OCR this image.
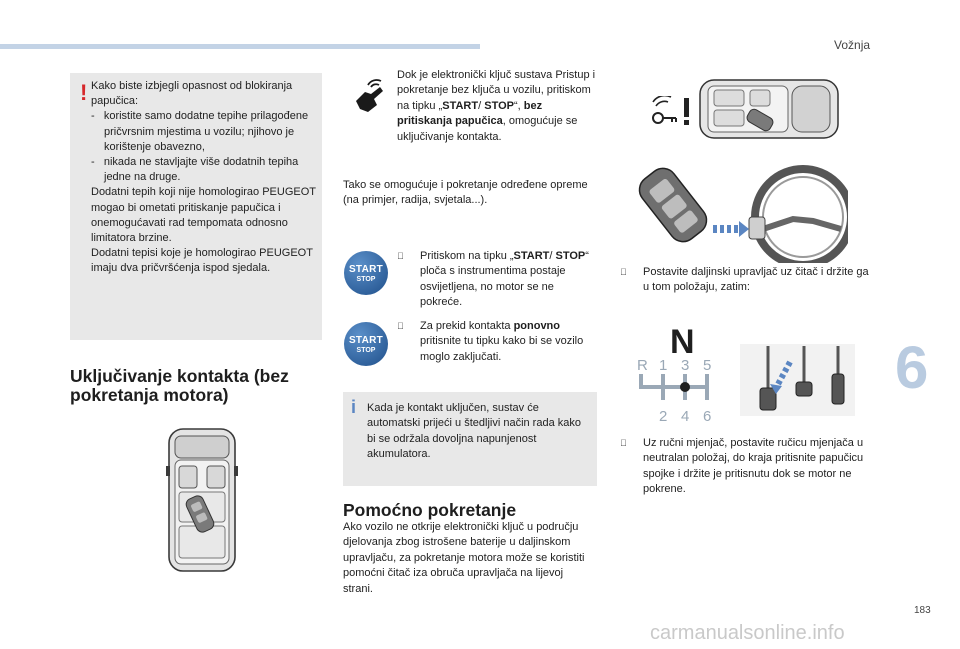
Vožnja
183
6
carmanualsonline.info
! Kako biste izbjegli opasnost od blokiranja papučica:

-   koristite samo dodatne tepihe prilagođene pričvrsnim mjestima u vozilu; njihovo je korištenje obavezno,

-   nikada ne stavljajte više dodatnih tepiha jedne na druge.

Dodatni tepih koji nije homologirao PEUGEOT mogao bi ometati pritiskanje papučica i onemogućavati rad tempomata odnosno limitatora brzine.

Dodatni tepisi koje je homologirao PEUGEOT imaju dva pričvršćenja ispod sjedala.

Uključivanje kontakta (bez pokretanja motora)
Dok je elektronički ključ sustava Pristup i pokretanje bez ključa u vozilu, pritiskom na tipku „START/ STOP“, bez pritiskanja papučica, omogućuje se uključivanje kontakta.
Tako se omogućuje i pokretanje određene opreme (na primjer, radija, svjetala...).
START
STOP
Pritiskom na tipku „START/ STOP“ ploča s instrumentima postaje osvijetljena, no motor se ne pokreće.
START
STOP
Za prekid kontakta ponovno pritisnite tu tipku kako bi se vozilo moglo zaključati.
i Kada je kontakt uključen, sustav će automatski prijeći u štedljivi način rada kako bi se održala dovoljna napunjenost akumulatora.
Pomoćno pokretanje
Ako vozilo ne otkrije elektronički ključ u području djelovanja zbog istrošene baterije u daljinskom upravljaču, za pokretanje motora može se koristiti pomoćni čitač iza obruča upravljača na lijevoj strani.
Postavite daljinski upravljač uz čitač i držite ga u tom položaju, zatim:
N
R 1 3 5
2 4 6
Uz ručni mjenjač, postavite ručicu mjenjača u neutralan položaj, do kraja pritisnite papučicu spojke i držite je pritisnutu dok se motor ne pokrene.
